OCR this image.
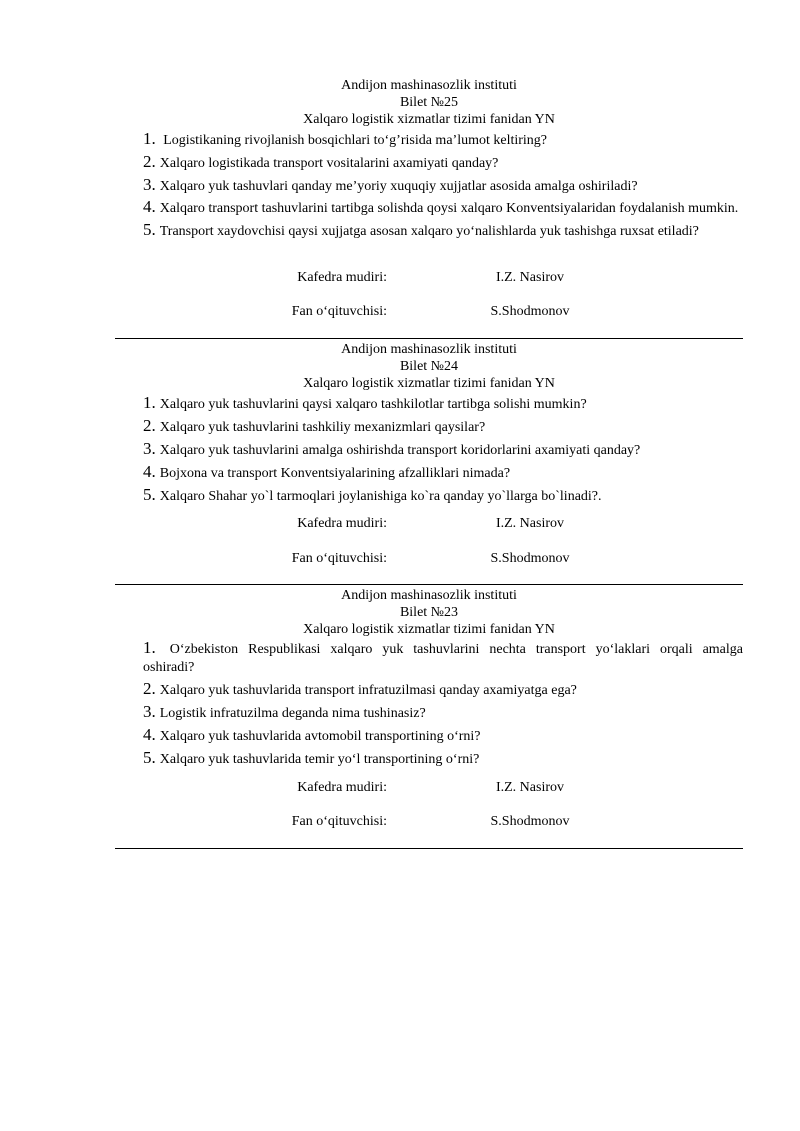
Andijon mashinasozlik instituti
Bilet №25
Xalqaro logistik xizmatlar tizimi fanidan YN
1. Logistikaning rivojlanish bosqichlari to‘g’risida ma’lumot keltiring?
2. Xalqaro logistikada transport vositalarini axamiyati qanday?
3. Xalqaro yuk tashuvlari qanday me’yoriy xuquqiy xujjatlar asosida amalga oshiriladi?
4. Xalqaro transport tashuvlarini tartibga solishda qoysi xalqaro Konventsiyalaridan foydalanish mumkin.
5. Transport xaydovchisi qaysi xujjatga asosan xalqaro yo‘nalishlarda yuk tashishga ruxsat etiladi?
Kafedra mudiri:	I.Z. Nasirov
Fan o‘qituvchisi:	S.Shodmonov
Andijon mashinasozlik instituti
Bilet №24
Xalqaro logistik xizmatlar tizimi fanidan YN
1. Xalqaro yuk tashuvlarini qaysi xalqaro tashkilotlar tartibga solishi mumkin?
2. Xalqaro yuk tashuvlarini tashkiliy mexanizmlari qaysilar?
3. Xalqaro yuk tashuvlarini amalga oshirishda transport koridorlarini axamiyati qanday?
4. Bojxona va transport Konventsiyalarining afzalliklari nimada?
5. Xalqaro Shahar yo`l tarmoqlari joylanishiga ko`ra qanday yo`llarga bo`linadi?.
Kafedra mudiri:	I.Z. Nasirov
Fan o‘qituvchisi:	S.Shodmonov
Andijon mashinasozlik instituti
Bilet №23
Xalqaro logistik xizmatlar tizimi fanidan YN
1. O‘zbekiston Respublikasi xalqaro yuk tashuvlarini nechta transport yo‘laklari orqali amalga oshiradi?
2. Xalqaro yuk tashuvlarida transport infratuzilmasi qanday axamiyatga ega?
3. Logistik infratuzilma deganda nima tushinasiz?
4. Xalqaro yuk tashuvlarida avtomobil transportining o‘rni?
5. Xalqaro yuk tashuvlarida temir yo‘l transportining o‘rni?
Kafedra mudiri:	I.Z. Nasirov
Fan o‘qituvchisi:	S.Shodmonov
